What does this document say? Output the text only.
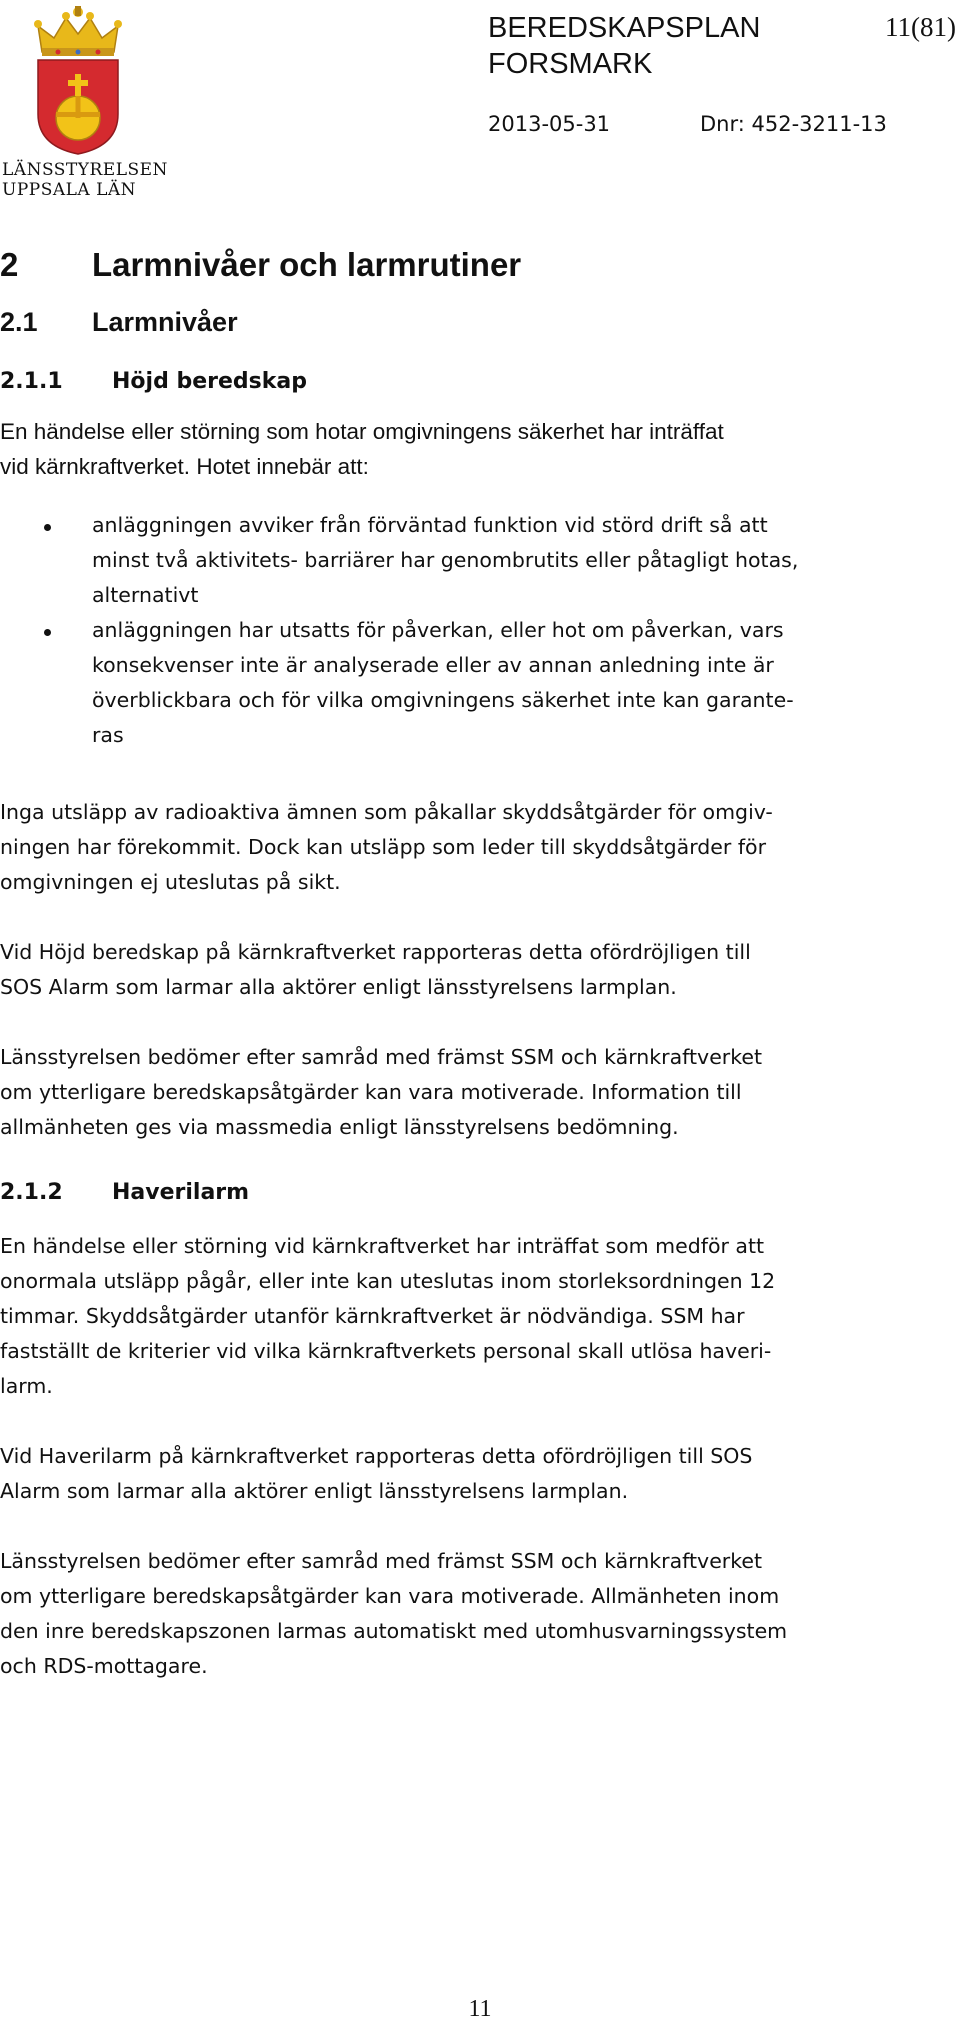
LÄNSSTYRELSEN
UPPSALA LÄN
BEREDSKAPSPLAN
FORSMARK
11(81)
2013-05-31	Dnr: 452-3211-13
2 Larmnivåer och larmrutiner
2.1 Larmnivåer
2.1.1 Höjd beredskap
En händelse eller störning som hotar omgivningens säkerhet har inträffat
vid kärnkraftverket. Hotet innebär att:
anläggningen avviker från förväntad funktion vid störd drift så att
minst två aktivitets- barriärer har genombrutits eller påtagligt hotas,
alternativt
anläggningen har utsatts för påverkan, eller hot om påverkan, vars
konsekvenser inte är analyserade eller av annan anledning inte är
överblickbara och för vilka omgivningens säkerhet inte kan garante-
ras
Inga utsläpp av radioaktiva ämnen som påkallar skyddsåtgärder för omgiv-
ningen har förekommit. Dock kan utsläpp som leder till skyddsåtgärder för
omgivningen ej uteslutas på sikt.
Vid Höjd beredskap på kärnkraftverket rapporteras detta ofördröjligen till
SOS Alarm som larmar alla aktörer enligt länsstyrelsens larmplan.
Länsstyrelsen bedömer efter samråd med främst SSM och kärnkraftverket
om ytterligare beredskapsåtgärder kan vara motiverade. Information till
allmänheten ges via massmedia enligt länsstyrelsens bedömning.
2.1.2 Haverilarm
En händelse eller störning vid kärnkraftverket har inträffat som medför att
onormala utsläpp pågår, eller inte kan uteslutas inom storleksordningen 12
timmar. Skyddsåtgärder utanför kärnkraftverket är nödvändiga. SSM har
fastställt de kriterier vid vilka kärnkraftverkets personal skall utlösa haveri-
larm.
Vid Haverilarm på kärnkraftverket rapporteras detta ofördröjligen till SOS
Alarm som larmar alla aktörer enligt länsstyrelsens larmplan.
Länsstyrelsen bedömer efter samråd med främst SSM och kärnkraftverket
om ytterligare beredskapsåtgärder kan vara motiverade. Allmänheten inom
den inre beredskapszonen larmas automatiskt med utomhusvarningssystem
och RDS-mottagare.
11
